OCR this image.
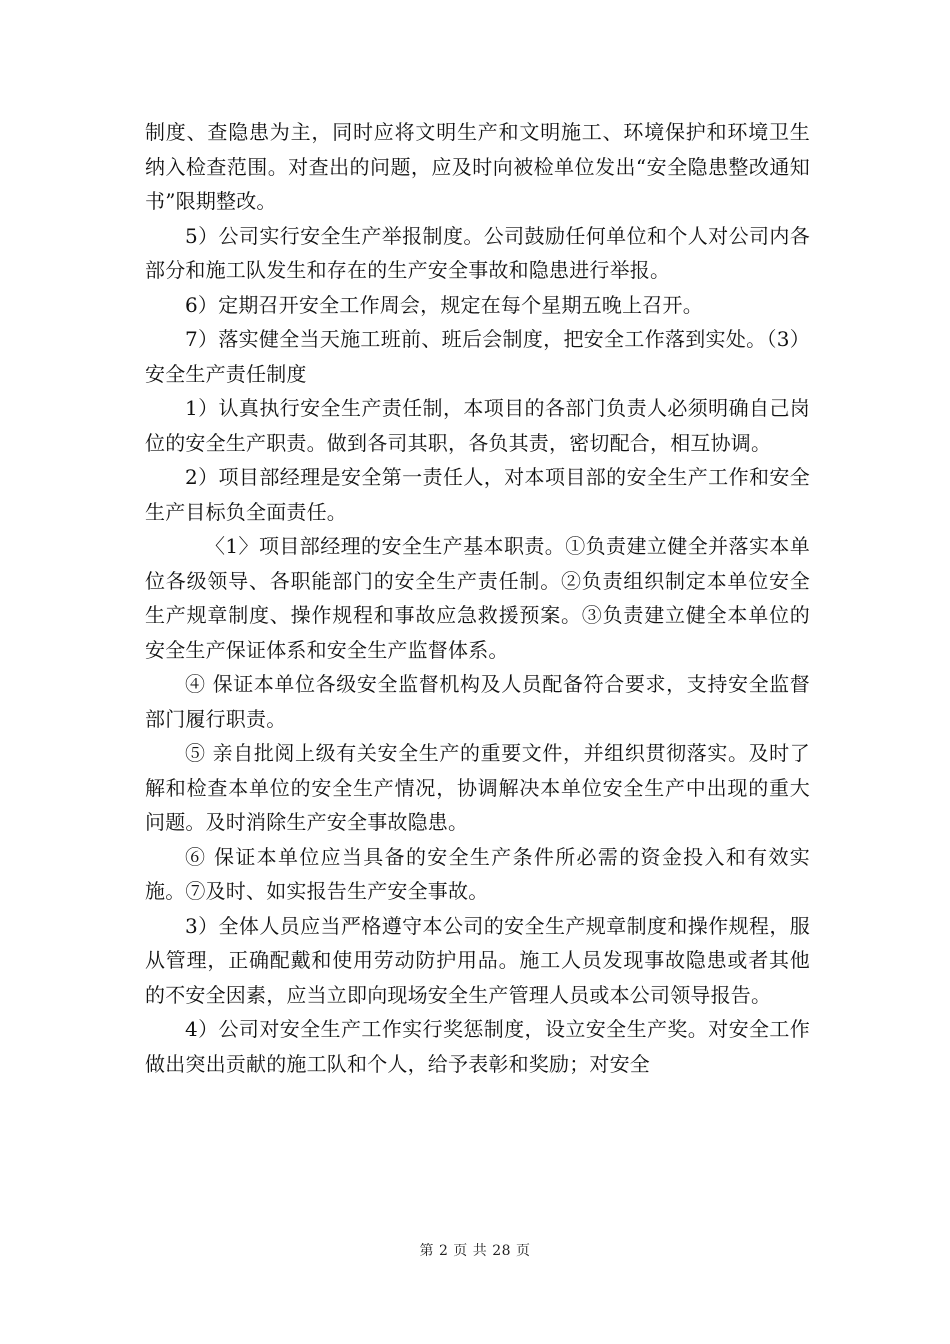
制度、查隐患为主，同时应将文明生产和文明施工、环境保护和环境卫生纳入检查范围。对查出的问题，应及时向被检单位发出“安全隐患整改通知书”限期整改。

5）公司实行安全生产举报制度。公司鼓励任何单位和个人对公司内各部分和施工队发生和存在的生产安全事故和隐患进行举报。

6）定期召开安全工作周会，规定在每个星期五晚上召开。

7）落实健全当天施工班前、班后会制度，把安全工作落到实处。（3）安全生产责任制度

1）认真执行安全生产责任制，本项目的各部门负责人必须明确自己岗位的安全生产职责。做到各司其职，各负其责，密切配合，相互协调。

2）项目部经理是安全第一责任人，对本项目部的安全生产工作和安全生产目标负全面责任。

〈1〉项目部经理的安全生产基本职责。①负责建立健全并落实本单位各级领导、各职能部门的安全生产责任制。②负责组织制定本单位安全生产规章制度、操作规程和事故应急救援预案。③负责建立健全本单位的安全生产保证体系和安全生产监督体系。

④ 保证本单位各级安全监督机构及人员配备符合要求，支持安全监督部门履行职责。

⑤ 亲自批阅上级有关安全生产的重要文件，并组织贯彻落实。及时了解和检查本单位的安全生产情况，协调解决本单位安全生产中出现的重大问题。及时消除生产安全事故隐患。

⑥ 保证本单位应当具备的安全生产条件所必需的资金投入和有效实施。⑦及时、如实报告生产安全事故。

3）全体人员应当严格遵守本公司的安全生产规章制度和操作规程，服从管理，正确配戴和使用劳动防护用品。施工人员发现事故隐患或者其他的不安全因素，应当立即向现场安全生产管理人员或本公司领导报告。

4）公司对安全生产工作实行奖惩制度，设立安全生产奖。对安全工作做出突出贡献的施工队和个人，给予表彰和奖励；对安全

第 2 页 共 28 页
